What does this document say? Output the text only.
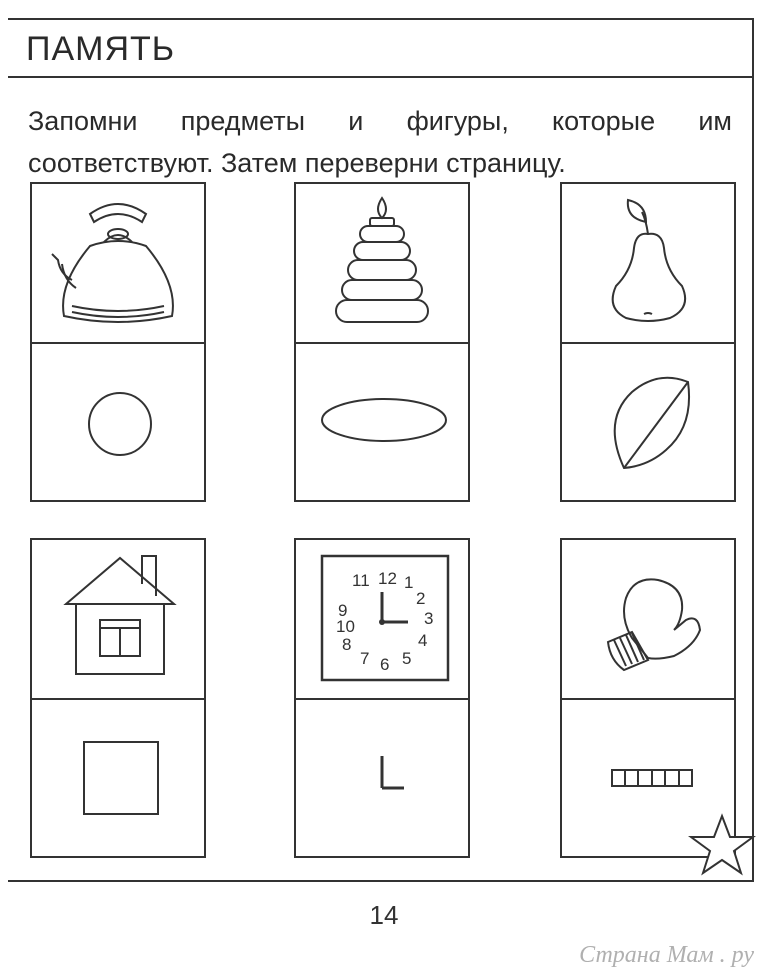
ПАМЯТЬ
Запомни предметы и фигуры, которые им
соответствуют. Затем переверни страницу.
12 1
2
3
4
5
6
7
8
9
10
11
14
Страна Мам . ру
